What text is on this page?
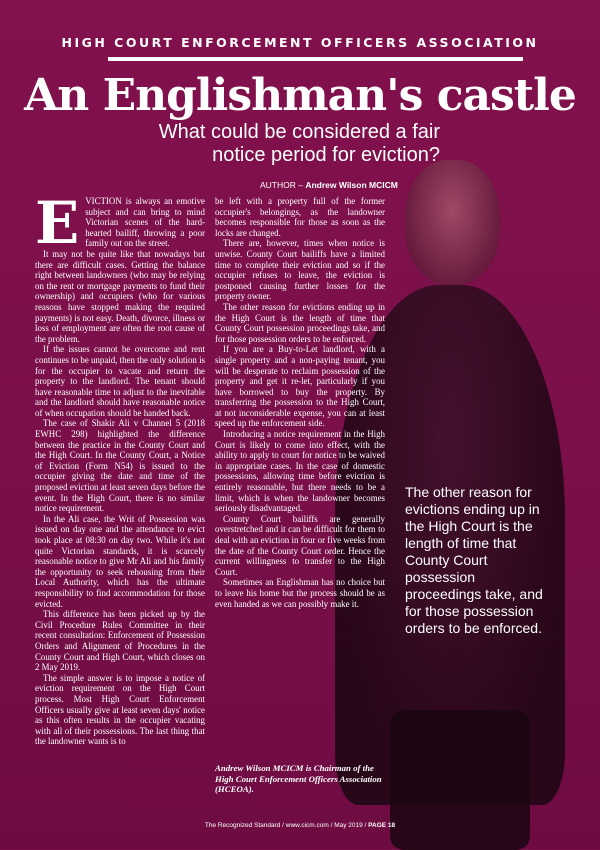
HIGH COURT ENFORCEMENT OFFICERS ASSOCIATION
An Englishman's castle
What could be considered a fair notice period for eviction?
AUTHOR – Andrew Wilson MCICM
E VICTION is always an emotive subject and can bring to mind Victorian scenes of the hard-hearted bailiff, throwing a poor family out on the street.

It may not be quite like that nowadays but there are difficult cases. Getting the balance right between landowners (who may be relying on the rent or mortgage payments to fund their ownership) and occupiers (who for various reasons have stopped making the required payments) is not easy. Death, divorce, illness or loss of employment are often the root cause of the problem.

If the issues cannot be overcome and rent continues to be unpaid, then the only solution is for the occupier to vacate and return the property to the landlord. The tenant should have reasonable time to adjust to the inevitable and the landlord should have reasonable notice of when occupation should be handed back.

The case of Shakir Ali v Channel 5 (2018 EWHC 298) highlighted the difference between the practice in the County Court and the High Court. In the County Court, a Notice of Eviction (Form N54) is issued to the occupier giving the date and time of the proposed eviction at least seven days before the event. In the High Court, there is no similar notice requirement.

In the Ali case, the Writ of Possession was issued on day one and the attendance to evict took place at 08:30 on day two. While it's not quite Victorian standards, it is scarcely reasonable notice to give Mr Ali and his family the opportunity to seek rehousing from their Local Authority, which has the ultimate responsibility to find accommodation for those evicted.

This difference has been picked up by the Civil Procedure Rules Committee in their recent consultation: Enforcement of Possession Orders and Alignment of Procedures in the County Court and High Court, which closes on 2 May 2019.

The simple answer is to impose a notice of eviction requirement on the High Court process. Most High Court Enforcement Officers usually give at least seven days' notice as this often results in the occupier vacating with all of their possessions. The last thing that the landowner wants is to

be left with a property full of the former occupier's belongings, as the landowner becomes responsible for those as soon as the locks are changed.

There are, however, times when notice is unwise. County Court bailiffs have a limited time to complete their eviction and so if the occupier refuses to leave, the eviction is postponed causing further losses for the property owner.

The other reason for evictions ending up in the High Court is the length of time that County Court possession proceedings take, and for those possession orders to be enforced.

If you are a Buy-to-Let landlord, with a single property and a non-paying tenant, you will be desperate to reclaim possession of the property and get it re-let, particularly if you have borrowed to buy the property. By transferring the possession to the High Court, at not inconsiderable expense, you can at least speed up the enforcement side.

Introducing a notice requirement in the High Court is likely to come into effect, with the ability to apply to court for notice to be waived in appropriate cases. In the case of domestic possessions, allowing time before eviction is entirely reasonable, but there needs to be a limit, which is when the landowner becomes seriously disadvantaged.

County Court bailiffs are generally overstretched and it can be difficult for them to deal with an eviction in four or five weeks from the date of the County Court order. Hence the current willingness to transfer to the High Court.

Sometimes an Englishman has no choice but to leave his home but the process should be as even handed as we can possibly make it.

The other reason for evictions ending up in the High Court is the length of time that County Court possession proceedings take, and for those possession orders to be enforced.
Andrew Wilson MCICM is Chairman of the High Court Enforcement Officers Association (HCEOA).
The Recognized Standard / www.cicm.com / May 2019 / PAGE 18
